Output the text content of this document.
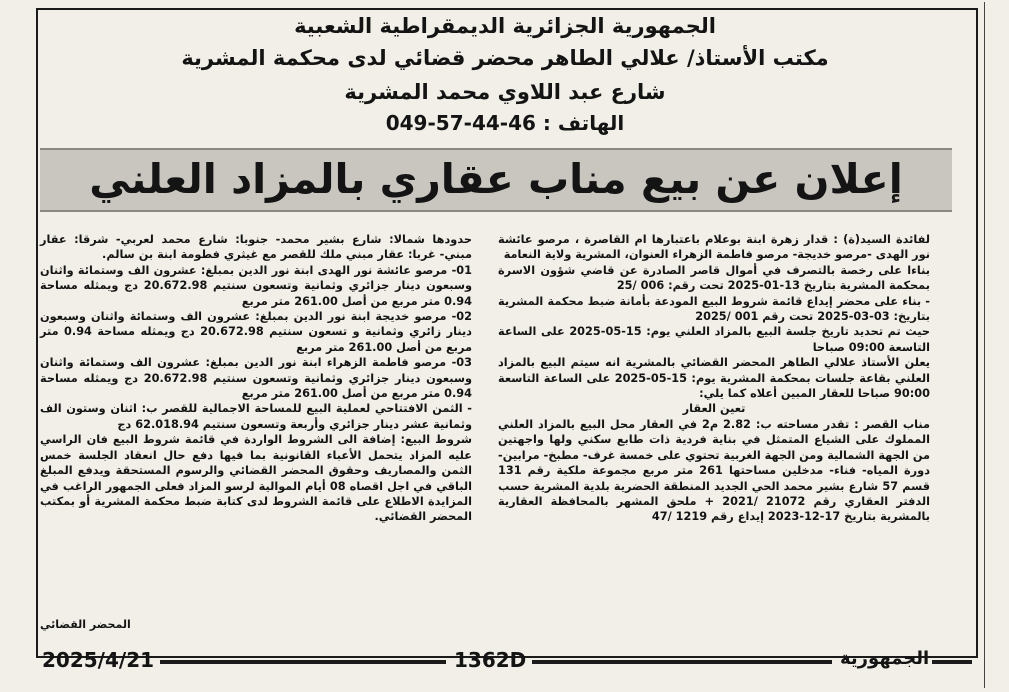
الجمهورية الجزائرية الديمقراطية الشعبية
مكتب الأستاذ/ علالي الطاهر محضر قضائي لدى محكمة المشرية
شارع عبد اللاوي محمد المشرية
الهاتف : 46-44-57-049
إعلان عن بيع مناب عقاري بالمزاد العلني

لفائدة السيد(ة) : قدار زهرة ابنة بوعلام باعتبارها ام القاصرة ، مرصو عائشة نور الهدى -مرصو خديجة- مرصو فاطمة الزهراء العنوان، المشرية ولاية النعامة

بناءا على رخصة بالتصرف في أموال قاصر الصادرة عن قاضي شؤون الاسرة بمحكمة المشرية بتاريخ 13-01-2025 تحت رقم: 006 /25

- بناء على محضر إيداع قائمة شروط البيع المودعة بأمانة ضبط محكمة المشرية بتاريخ: 03-03-2025 تحت رقم 001 /2025

حيث تم تحديد تاريخ جلسة البيع بالمزاد العلني يوم: 15-05-2025 على الساعة التاسعة 09:00 صباحا

يعلن الأستاذ علالي الطاهر المحضر القضائي بالمشرية انه سيتم البيع بالمزاد العلني بقاعة جلسات بمحكمة المشرية يوم: 15-05-2025 على الساعة التاسعة 90:00 صباحا للعقار المبين أعلاه كما يلي:

تعين العقار

مناب القصر : تقدر مساحته ب: 2.82 م2 في العقار محل البيع بالمزاد العلني المملوك على الشياع المتمثل في بناية فردية ذات طابع سكني ولها واجهتين من الجهة الشمالية ومن الجهة الغربية تحتوي على خمسة غرف- مطبخ- مرابين- دورة المياه- فناء- مدخلين مساحتها 261 متر مربع مجموعة ملكية رقم 131 قسم 57 شارع بشير محمد الحي الجديد المنطقة الحضرية بلدية المشرية حسب الدفتر العقاري رقم 21072 /2021 + ملحق المشهر بالمحافظة العقارية بالمشرية بتاريخ 17-12-2023 إيداع رقم 1219 /47

حدودها شمالا: شارع بشير محمد- جنوبا: شارع محمد لعربي- شرقا: عقار مبني- غربا: عقار مبني ملك للقصر مع غيثري فطومة ابنة بن سالم.

01- مرصو عائشة نور الهدى ابنة نور الدين بمبلغ: عشرون الف وستمائة واثنان وسبعون دينار جزائري وثمانية وتسعون سنتيم 20.672.98 دج ويمثله مساحة 0.94 متر مربع من أصل 261.00 متر مربع

02- مرصو خديجة ابنة نور الدين بمبلغ: عشرون الف وستمائة واثنان وسبعون دينار زائري وثمانية و تسعون سنتيم 20.672.98 دج ويمثله مساحة 0.94 متر مربع من أصل 261.00 متر مربع

03- مرصو فاطمة الزهراء ابنة نور الدين بمبلغ: عشرون الف وستمائة واثنان وسبعون دينار جزائري وثمانية وتسعون سنتيم 20.672.98 دج ويمثله مساحة 0.94 متر مربع من أصل 261.00 متر مربع

- الثمن الافتتاحي لعملية البيع للمساحة الاجمالية للقصر ب: اثنان وستون الف وثمانية عشر دينار جزائري وأربعة وتسعون سنتيم 62.018.94 دج

شروط البيع: إضافة الى الشروط الواردة في قائمة شروط البيع فان الراسي عليه المزاد يتحمل الأعباء القانونية بما فيها دفع حال انعقاد الجلسة خمس الثمن والمصاريف وحقوق المحضر القضائي والرسوم المستحقة ويدفع المبلغ الباقي في اجل اقصاه 08 أيام الموالية لرسو المزاد فعلى الجمهور الراغب في المزايدة الاطلاع على قائمة الشروط لدى كتابة ضبط محكمة المشرية أو بمكتب المحضر القضائي.

المحضر القضائي
2025/4/21	1362D	الجمهورية
